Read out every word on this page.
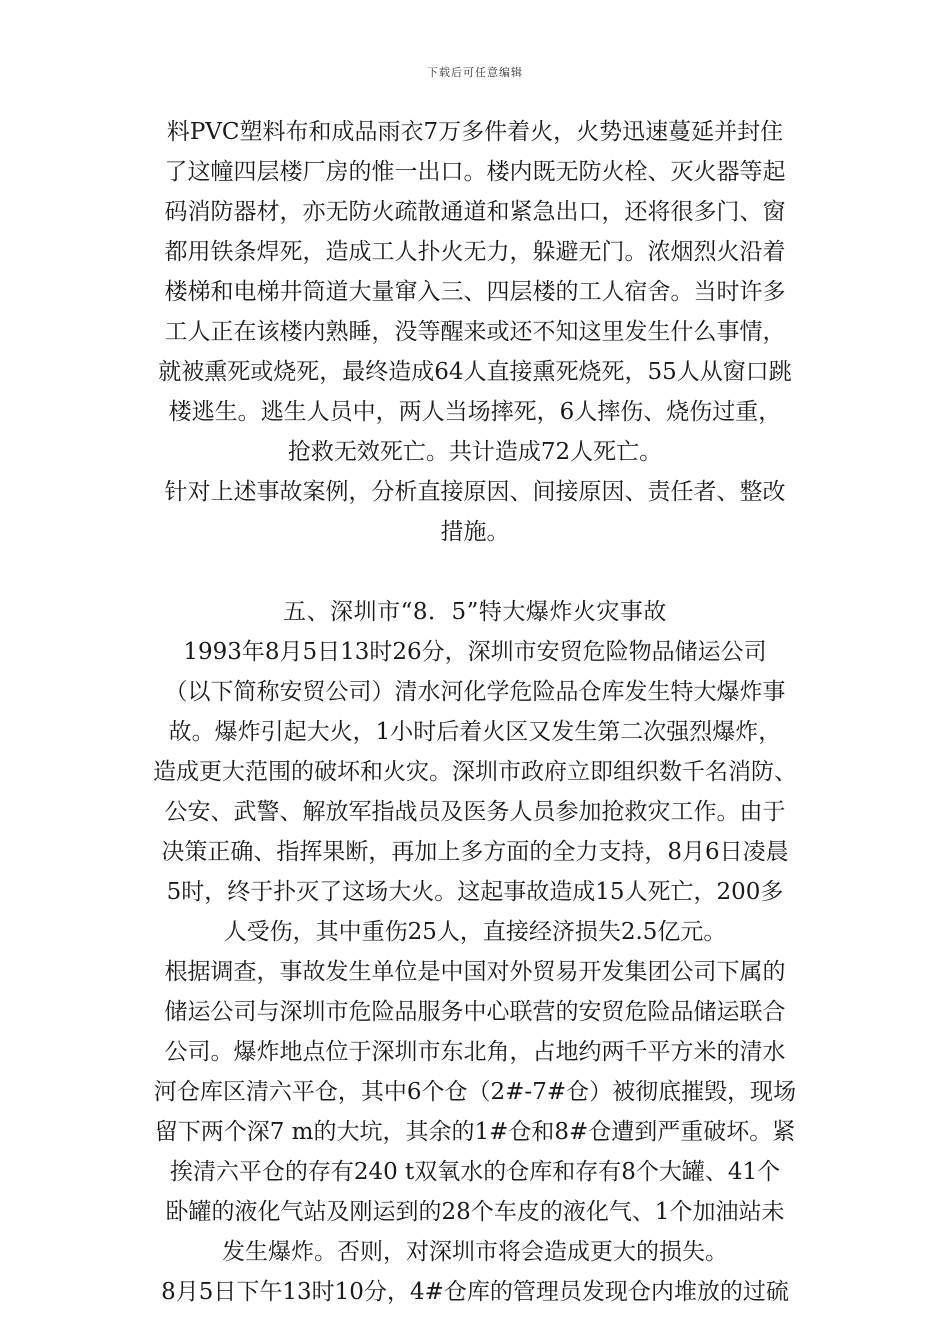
下载后可任意编辑
料PVC塑料布和成品雨衣7万多件着火，火势迅速蔓延并封住
了这幢四层楼厂房的惟一出口。楼内既无防火栓、灭火器等起
码消防器材，亦无防火疏散通道和紧急出口，还将很多门、窗
都用铁条焊死，造成工人扑火无力，躲避无门。浓烟烈火沿着
楼梯和电梯井筒道大量窜入三、四层楼的工人宿舍。当时许多
工人正在该楼内熟睡，没等醒来或还不知这里发生什么事情，
就被熏死或烧死，最终造成64人直接熏死烧死，55人从窗口跳
楼逃生。逃生人员中，两人当场摔死，6人摔伤、烧伤过重，
抢救无效死亡。共计造成72人死亡。
针对上述事故案例，分析直接原因、间接原因、责任者、整改
措施。
五、深圳市“8．5”特大爆炸火灾事故
1993年8月5日13时26分，深圳市安贸危险物品储运公司
（以下简称安贸公司）清水河化学危险品仓库发生特大爆炸事
故。爆炸引起大火，1小时后着火区又发生第二次强烈爆炸，
造成更大范围的破坏和火灾。深圳市政府立即组织数千名消防、
公安、武警、解放军指战员及医务人员参加抢救灾工作。由于
决策正确、指挥果断，再加上多方面的全力支持，8月6日凌晨
5时，终于扑灭了这场大火。这起事故造成15人死亡，200多
人受伤，其中重伤25人，直接经济损失2.5亿元。
根据调查，事故发生单位是中国对外贸易开发集团公司下属的
储运公司与深圳市危险品服务中心联营的安贸危险品储运联合
公司。爆炸地点位于深圳市东北角，占地约两千平方米的清水
河仓库区清六平仓，其中6个仓（2#-7#仓）被彻底摧毁，现场
留下两个深7 m的大坑，其余的1#仓和8#仓遭到严重破坏。紧
挨清六平仓的存有240 t双氧水的仓库和存有8个大罐、41个
卧罐的液化气站及刚运到的28个车皮的液化气、1个加油站未
发生爆炸。否则，对深圳市将会造成更大的损失。
8月5日下午13时10分，4#仓库的管理员发现仓内堆放的过硫
